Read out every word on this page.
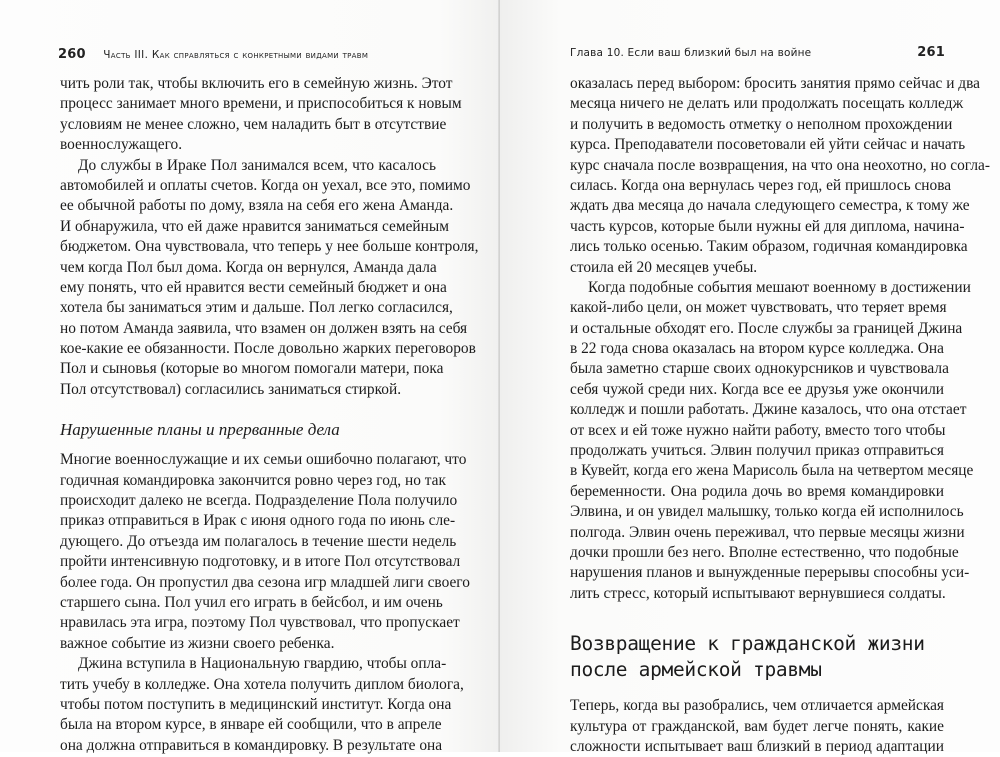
260 Часть III. Как справляться с конкретными видами травм
чить роли так, чтобы включить его в семейную жизнь. Этот
процесс занимает много времени, и приспособиться к новым
условиям не менее сложно, чем наладить быт в отсутствие
военнослужащего.
До службы в Ираке Пол занимался всем, что касалось
автомобилей и оплаты счетов. Когда он уехал, все это, помимо
ее обычной работы по дому, взяла на себя его жена Аманда.
И обнаружила, что ей даже нравится заниматься семейным
бюджетом. Она чувствовала, что теперь у нее больше контроля,
чем когда Пол был дома. Когда он вернулся, Аманда дала
ему понять, что ей нравится вести семейный бюджет и она
хотела бы заниматься этим и дальше. Пол легко согласился,
но потом Аманда заявила, что взамен он должен взять на себя
кое-какие ее обязанности. После довольно жарких переговоров
Пол и сыновья (которые во многом помогали матери, пока
Пол отсутствовал) согласились заниматься стиркой.
Нарушенные планы и прерванные дела
Многие военнослужащие и их семьи ошибочно полагают, что
годичная командировка закончится ровно через год, но так
происходит далеко не всегда. Подразделение Пола получило
приказ отправиться в Ирак с июня одного года по июнь сле-
дующего. До отъезда им полагалось в течение шести недель
пройти интенсивную подготовку, и в итоге Пол отсутствовал
более года. Он пропустил два сезона игр младшей лиги своего
старшего сына. Пол учил его играть в бейсбол, и им очень
нравилась эта игра, поэтому Пол чувствовал, что пропускает
важное событие из жизни своего ребенка.
Джина вступила в Национальную гвардию, чтобы опла-
тить учебу в колледже. Она хотела получить диплом биолога,
чтобы потом поступить в медицинский институт. Когда она
была на втором курсе, в январе ей сообщили, что в апреле
она должна отправиться в командировку. В результате она
Глава 10. Если ваш близкий был на войне	261
оказалась перед выбором: бросить занятия прямо сейчас и два
месяца ничего не делать или продолжать посещать колледж
и получить в ведомость отметку о неполном прохождении
курса. Преподаватели посоветовали ей уйти сейчас и начать
курс сначала после возвращения, на что она неохотно, но согла-
силась. Когда она вернулась через год, ей пришлось снова
ждать два месяца до начала следующего семестра, к тому же
часть курсов, которые были нужны ей для диплома, начина-
лись только осенью. Таким образом, годичная командировка
стоила ей 20 месяцев учебы.
Когда подобные события мешают военному в достижении
какой-либо цели, он может чувствовать, что теряет время
и остальные обходят его. После службы за границей Джина
в 22 года снова оказалась на втором курсе колледжа. Она
была заметно старше своих однокурсников и чувствовала
себя чужой среди них. Когда все ее друзья уже окончили
колледж и пошли работать. Джине казалось, что она отстает
от всех и ей тоже нужно найти работу, вместо того чтобы
продолжать учиться. Элвин получил приказ отправиться
в Кувейт, когда его жена Марисоль была на четвертом месяце
беременности. Она родила дочь во время командировки
Элвина, и он увидел малышку, только когда ей исполнилось
полгода. Элвин очень переживал, что первые месяцы жизни
дочки прошли без него. Вполне естественно, что подобные
нарушения планов и вынужденные перерывы способны уси-
лить стресс, который испытывают вернувшиеся солдаты.
Возвращение к гражданской жизни
после армейской травмы
Теперь, когда вы разобрались, чем отличается армейская
культура от гражданской, вам будет легче понять, какие
сложности испытывает ваш близкий в период адаптации
